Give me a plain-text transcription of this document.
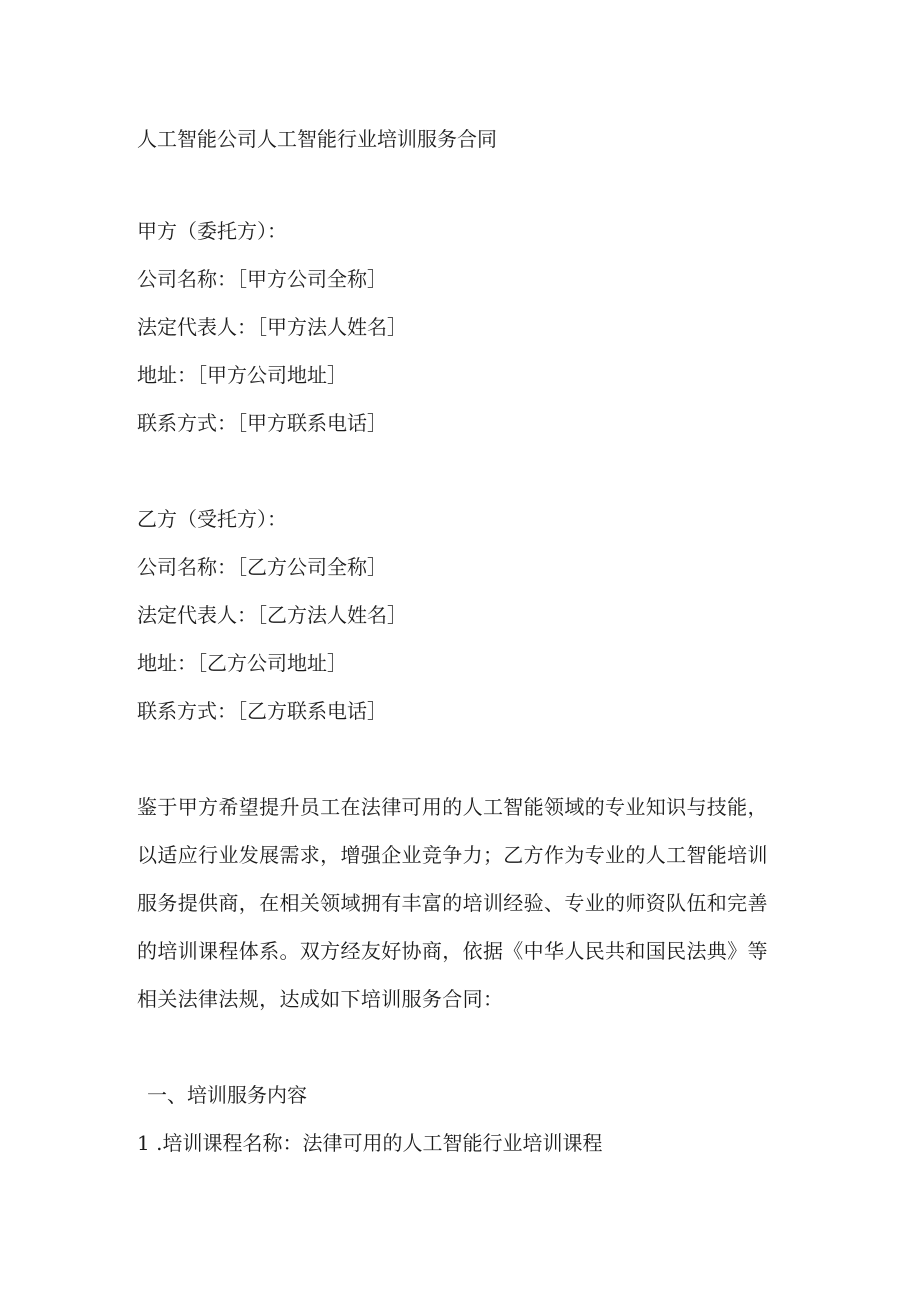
人工智能公司人工智能行业培训服务合同
甲方（委托方）：
公司名称：［甲方公司全称］
法定代表人：［甲方法人姓名］
地址：［甲方公司地址］
联系方式：［甲方联系电话］
乙方（受托方）：
公司名称：［乙方公司全称］
法定代表人：［乙方法人姓名］
地址：［乙方公司地址］
联系方式：［乙方联系电话］
鉴于甲方希望提升员工在法律可用的人工智能领域的专业知识与技能，
以适应行业发展需求，增强企业竞争力；乙方作为专业的人工智能培训
服务提供商，在相关领域拥有丰富的培训经验、专业的师资队伍和完善
的培训课程体系。双方经友好协商，依据《中华人民共和国民法典》等
相关法律法规，达成如下培训服务合同：
一、培训服务内容
1 .培训课程名称：法律可用的人工智能行业培训课程
